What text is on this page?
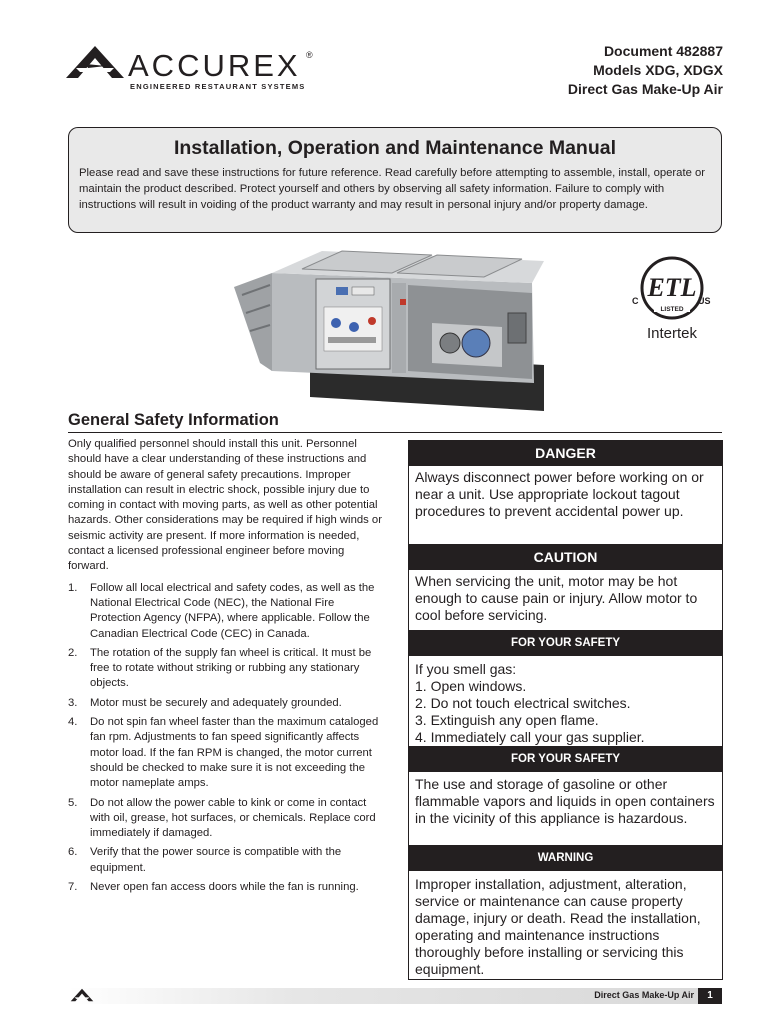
ACCUREX ®
ENGINEERED RESTAURANT SYSTEMS
Document 482887
Models XDG, XDGX
Direct Gas Make-Up Air
Installation, Operation and Maintenance Manual

Please read and save these instructions for future reference. Read carefully before attempting to assemble, install, operate or maintain the product described. Protect yourself and others by observing all safety information. Failure to comply with instructions will result in voiding of the product warranty and may result in personal injury and/or property damage.

ETL
LISTED
C	US
Intertek
General Safety Information

Only qualified personnel should install this unit. Personnel should have a clear understanding of these instructions and should be aware of general safety precautions. Improper installation can result in electric shock, possible injury due to coming in contact with moving parts, as well as other potential hazards. Other considerations may be required if high winds or seismic activity are present. If more information is needed, contact a licensed professional engineer before moving forward.

1. Follow all local electrical and safety codes, as well as the National Electrical Code (NEC), the National Fire Protection Agency (NFPA), where applicable. Follow the Canadian Electrical Code (CEC) in Canada.
2. The rotation of the supply fan wheel is critical. It must be free to rotate without striking or rubbing any stationary objects.
3. Motor must be securely and adequately grounded.
4. Do not spin fan wheel faster than the maximum cataloged fan rpm. Adjustments to fan speed significantly affects motor load. If the fan RPM is changed, the motor current should be checked to make sure it is not exceeding the motor nameplate amps.
5. Do not allow the power cable to kink or come in contact with oil, grease, hot surfaces, or chemicals. Replace cord immediately if damaged.
6. Verify that the power source is compatible with the equipment.
7. Never open fan access doors while the fan is running.
DANGER
Always disconnect power before working on or near a unit. Use appropriate lockout tagout procedures to prevent accidental power up.
CAUTION
When servicing the unit, motor may be hot enough to cause pain or injury. Allow motor to cool before servicing.
FOR YOUR SAFETY
If you smell gas:
1. Open windows.
2. Do not touch electrical switches.
3. Extinguish any open flame.
4. Immediately call your gas supplier.
FOR YOUR SAFETY
The use and storage of gasoline or other flammable vapors and liquids in open containers in the vicinity of this appliance is hazardous.
WARNING
Improper installation, adjustment, alteration, service or maintenance can cause property damage, injury or death. Read the installation, operating and maintenance instructions thoroughly before installing or servicing this equipment.
Direct Gas Make-Up Air	1
